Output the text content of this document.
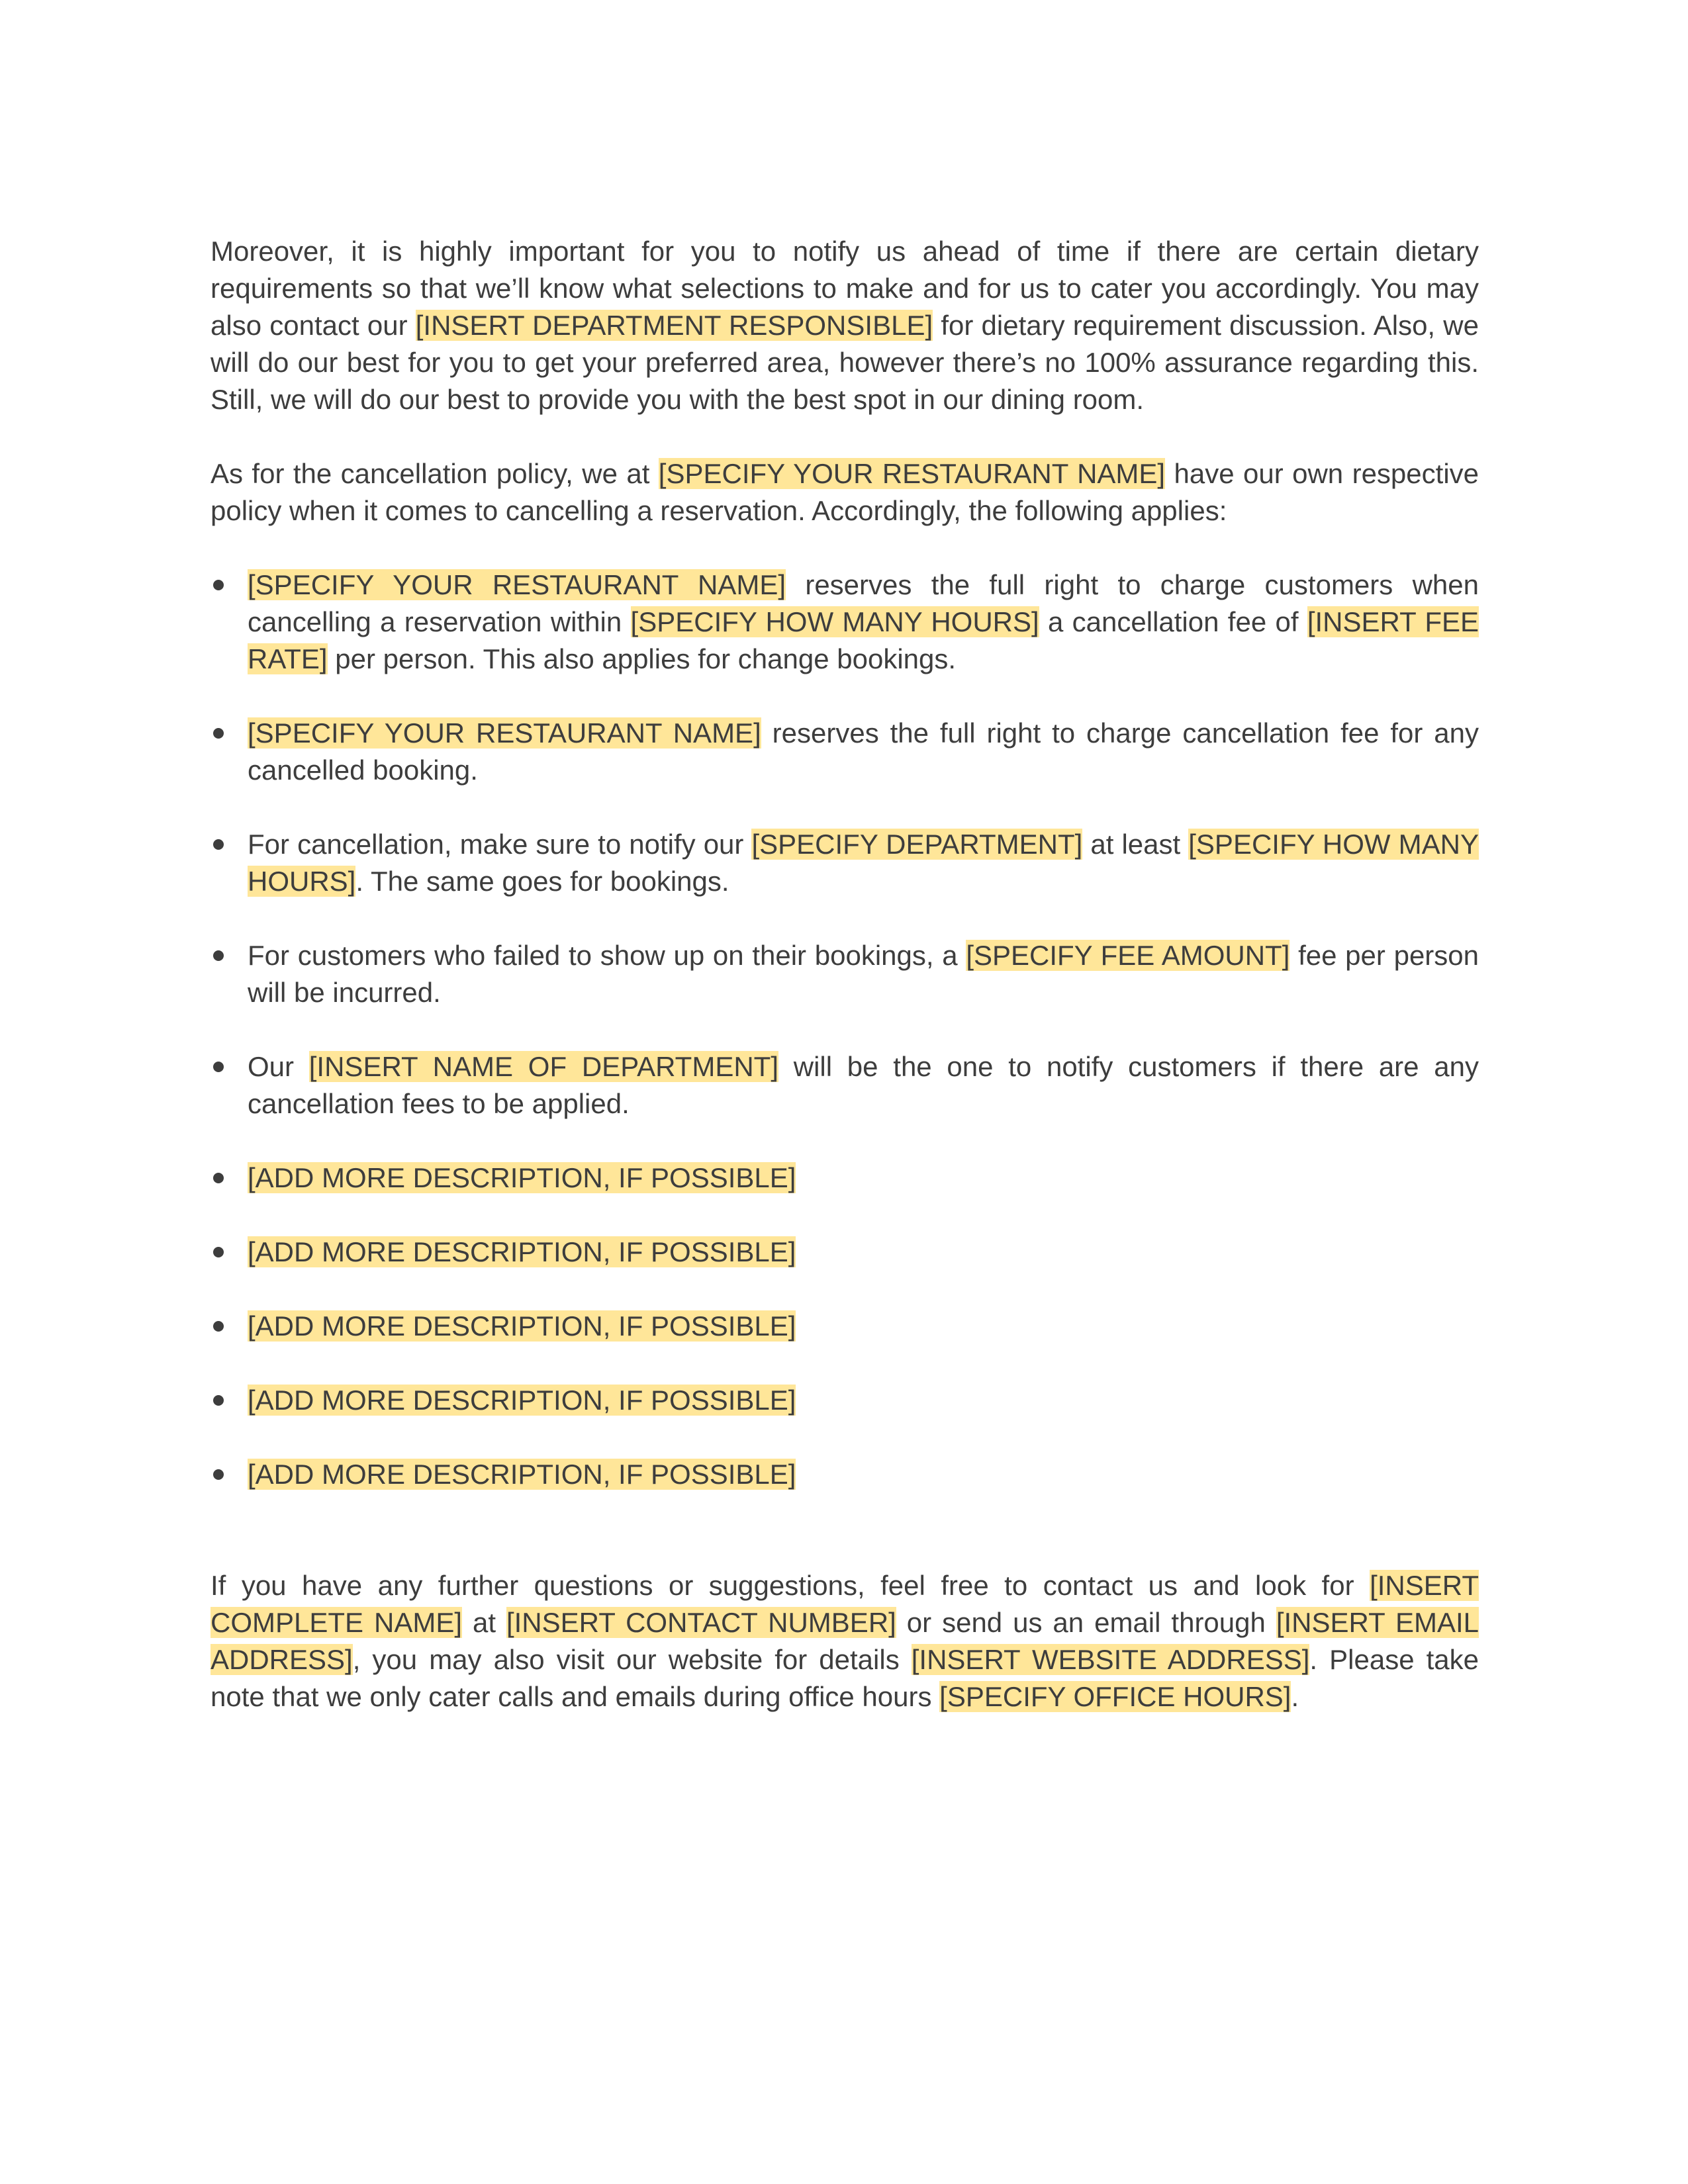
Moreover, it is highly important for you to notify us ahead of time if there are certain dietary requirements so that we’ll know what selections to make and for us to cater you accordingly. You may also contact our [INSERT DEPARTMENT RESPONSIBLE] for dietary requirement discussion. Also, we will do our best for you to get your preferred area, however there’s no 100% assurance regarding this. Still, we will do our best to provide you with the best spot in our dining room.

As for the cancellation policy, we at [SPECIFY YOUR RESTAURANT NAME] have our own respective policy when it comes to cancelling a reservation. Accordingly, the following applies:

[SPECIFY YOUR RESTAURANT NAME] reserves the full right to charge customers when cancelling a reservation within [SPECIFY HOW MANY HOURS] a cancellation fee of [INSERT FEE RATE] per person. This also applies for change bookings.
[SPECIFY YOUR RESTAURANT NAME] reserves the full right to charge cancellation fee for any cancelled booking.
For cancellation, make sure to notify our [SPECIFY DEPARTMENT] at least [SPECIFY HOW MANY HOURS]. The same goes for bookings.
For customers who failed to show up on their bookings, a [SPECIFY FEE AMOUNT] fee per person will be incurred.
Our [INSERT NAME OF DEPARTMENT] will be the one to notify customers if there are any cancellation fees to be applied.
[ADD MORE DESCRIPTION, IF POSSIBLE]
[ADD MORE DESCRIPTION, IF POSSIBLE]
[ADD MORE DESCRIPTION, IF POSSIBLE]
[ADD MORE DESCRIPTION, IF POSSIBLE]
[ADD MORE DESCRIPTION, IF POSSIBLE]

If you have any further questions or suggestions, feel free to contact us and look for [INSERT COMPLETE NAME] at [INSERT CONTACT NUMBER] or send us an email through [INSERT EMAIL ADDRESS], you may also visit our website for details [INSERT WEBSITE ADDRESS]. Please take note that we only cater calls and emails during office hours [SPECIFY OFFICE HOURS].
